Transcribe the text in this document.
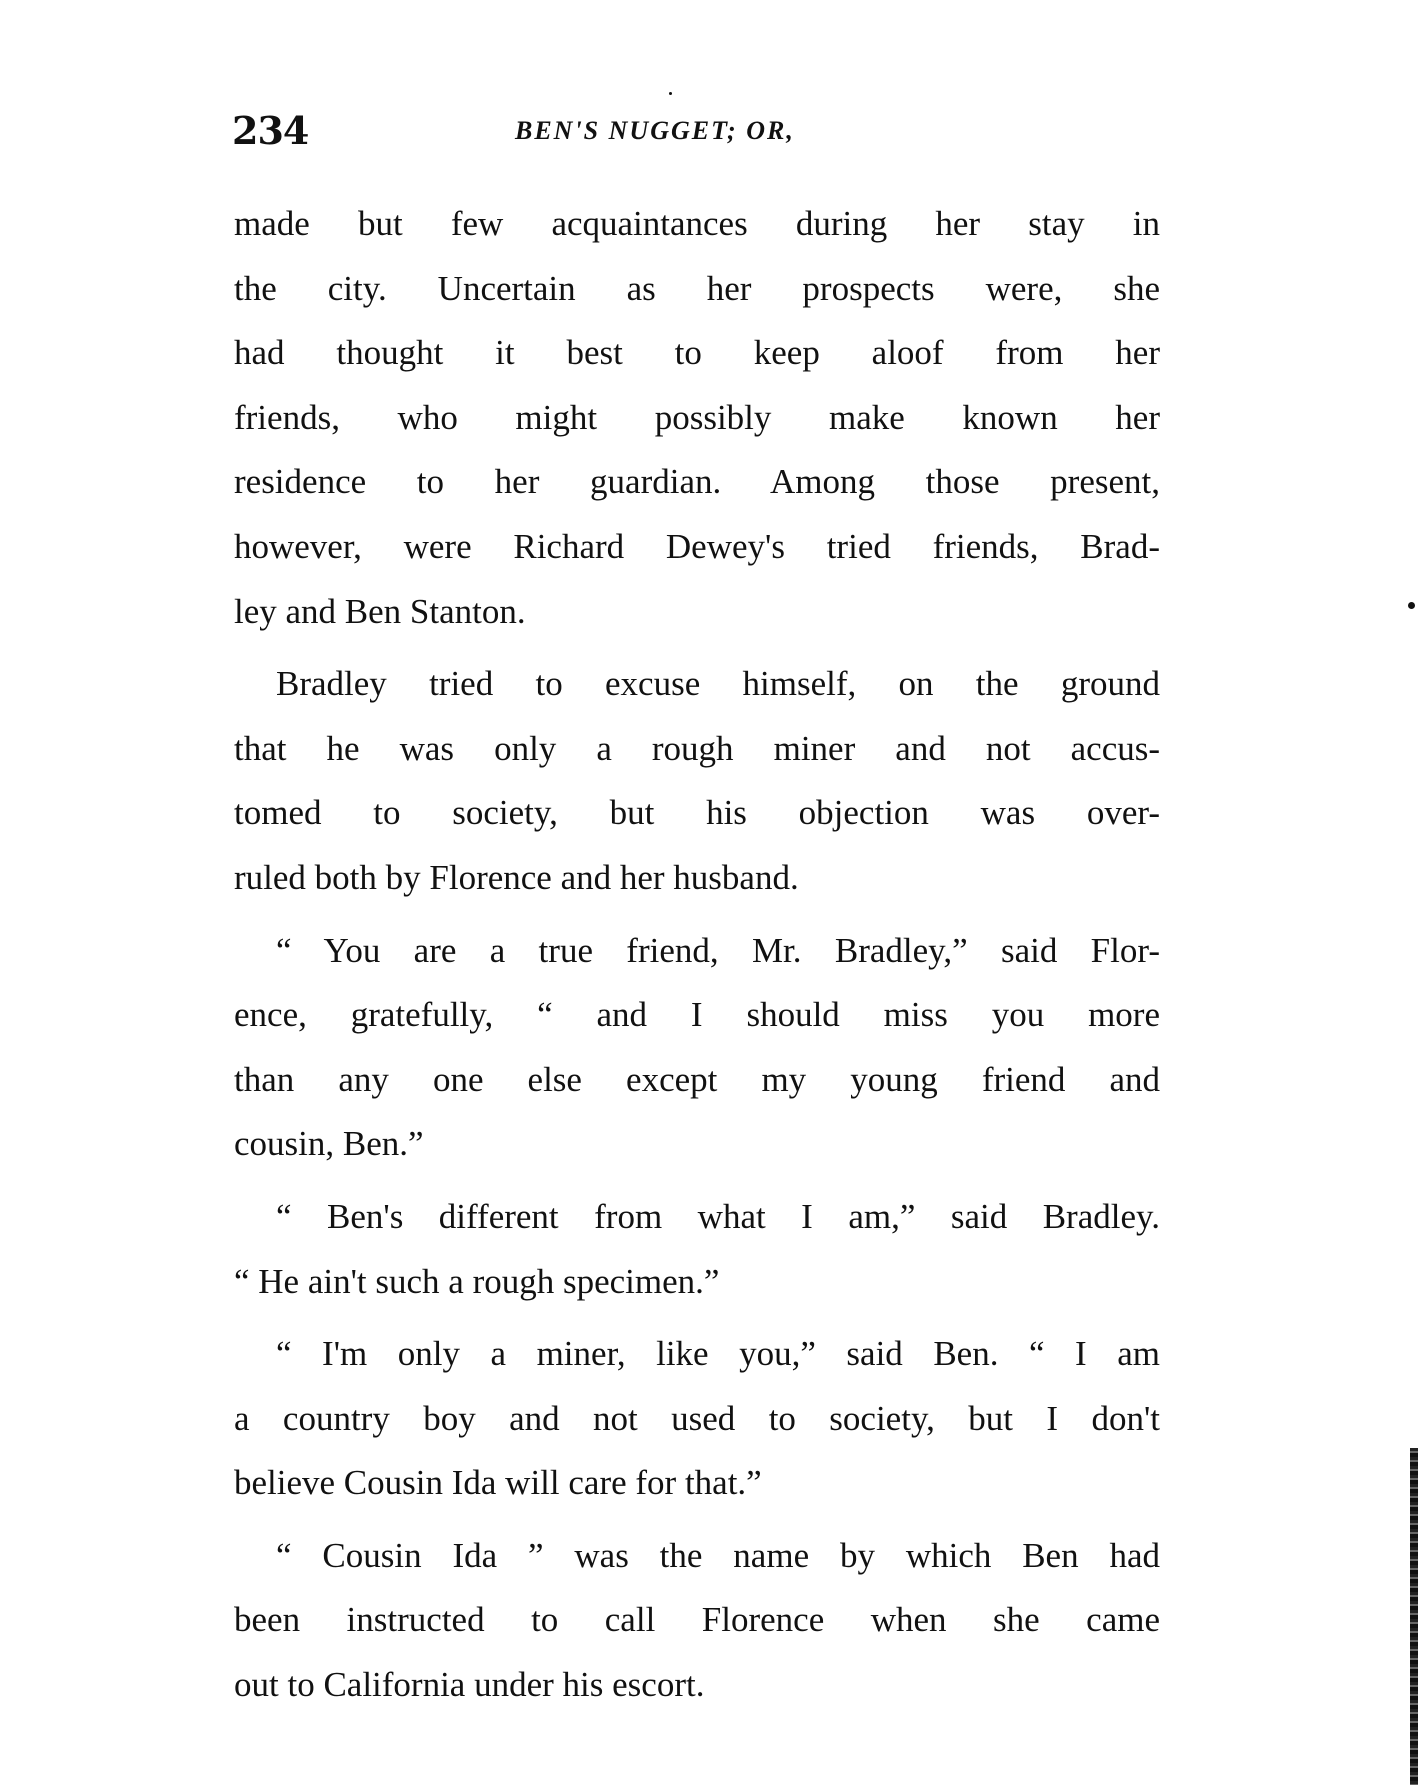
234	BEN'S NUGGET; OR,

made but few acquaintances during her stay in
the city. Uncertain as her prospects were, she
had thought it best to keep aloof from her
friends, who might possibly make known her
residence to her guardian. Among those present,
however, were Richard Dewey's tried friends, Brad-
ley and Ben Stanton.

Bradley tried to excuse himself, on the ground
that he was only a rough miner and not accus-
tomed to society, but his objection was over-
ruled both by Florence and her husband.

“ You are a true friend, Mr. Bradley,” said Flor-
ence, gratefully, “ and I should miss you more
than any one else except my young friend and
cousin, Ben.”

“ Ben's different from what I am,” said Bradley.
“ He ain't such a rough specimen.”

“ I'm only a miner, like you,” said Ben. “ I am
a country boy and not used to society, but I don't
believe Cousin Ida will care for that.”

“ Cousin Ida ” was the name by which Ben had
been instructed to call Florence when she came
out to California under his escort.
